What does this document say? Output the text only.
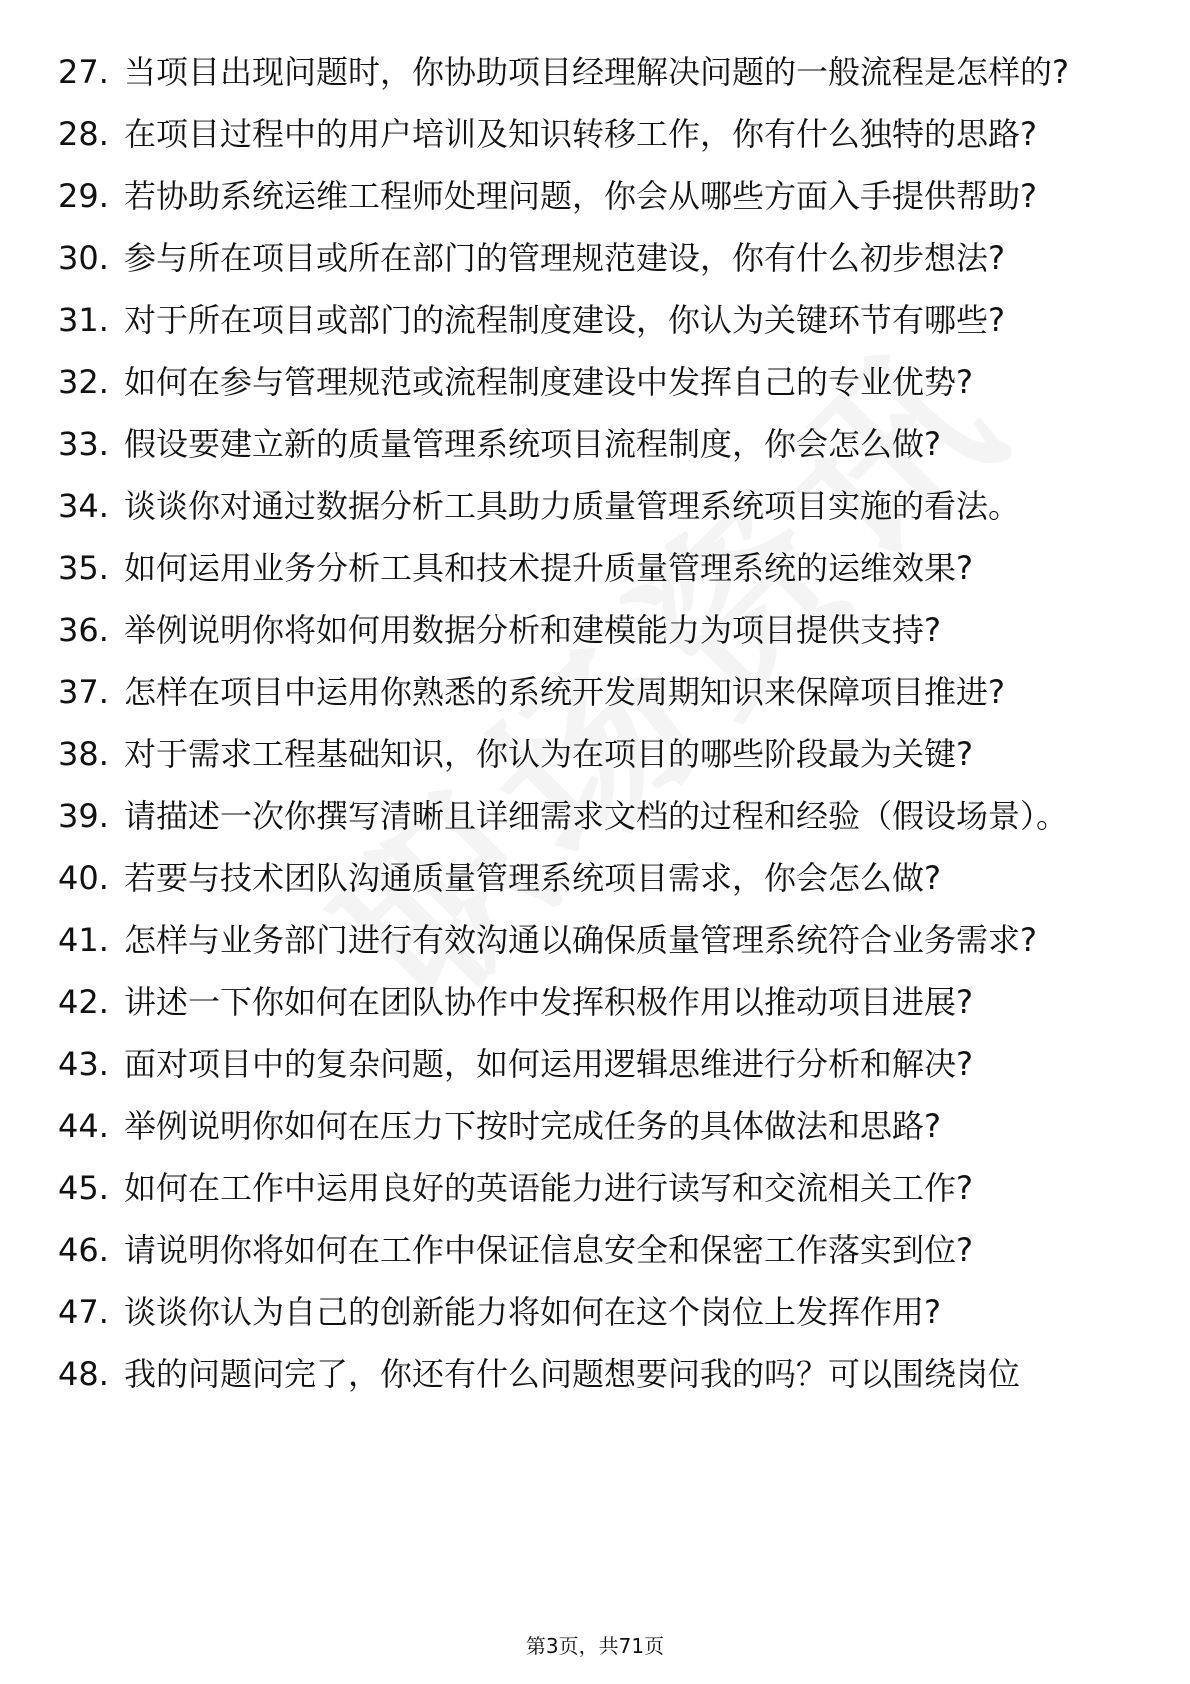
27. 当项目出现问题时，你协助项目经理解决问题的一般流程是怎样的?
28. 在项目过程中的用户培训及知识转移工作，你有什么独特的思路?
29. 若协助系统运维工程师处理问题，你会从哪些方面入手提供帮助?
30. 参与所在项目或所在部门的管理规范建设，你有什么初步想法?
31. 对于所在项目或部门的流程制度建设，你认为关键环节有哪些?
32. 如何在参与管理规范或流程制度建设中发挥自己的专业优势?
33. 假设要建立新的质量管理系统项目流程制度，你会怎么做?
34. 谈谈你对通过数据分析工具助力质量管理系统项目实施的看法。
35. 如何运用业务分析工具和技术提升质量管理系统的运维效果?
36. 举例说明你将如何用数据分析和建模能力为项目提供支持?
37. 怎样在项目中运用你熟悉的系统开发周期知识来保障项目推进?
38. 对于需求工程基础知识，你认为在项目的哪些阶段最为关键?
39. 请描述一次你撰写清晰且详细需求文档的过程和经验（假设场景）。
40. 若要与技术团队沟通质量管理系统项目需求，你会怎么做?
41. 怎样与业务部门进行有效沟通以确保质量管理系统符合业务需求?
42. 讲述一下你如何在团队协作中发挥积极作用以推动项目进展?
43. 面对项目中的复杂问题，如何运用逻辑思维进行分析和解决?
44. 举例说明你如何在压力下按时完成任务的具体做法和思路?
45. 如何在工作中运用良好的英语能力进行读写和交流相关工作?
46. 请说明你将如何在工作中保证信息安全和保密工作落实到位?
47. 谈谈你认为自己的创新能力将如何在这个岗位上发挥作用?
48. 我的问题问完了，你还有什么问题想要问我的吗？可以围绕岗位
第3页，共71页
